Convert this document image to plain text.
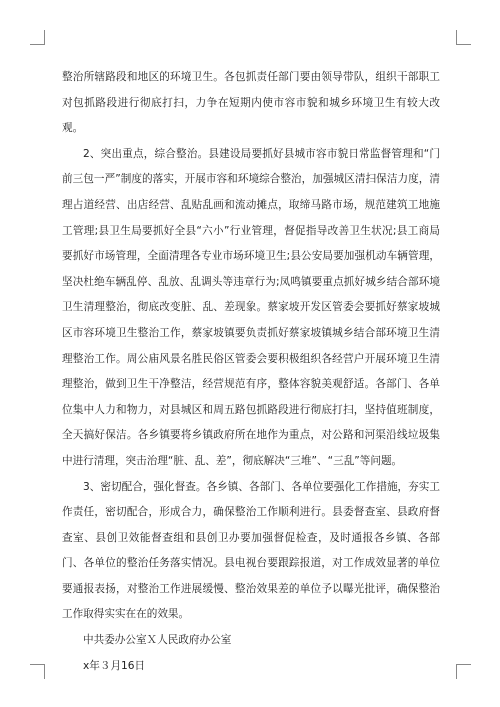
整治所辖路段和地区的环境卫生。各包抓责任部门要由领导带队，组织干部职工对包抓路段进行彻底打扫，力争在短期内使市容市貌和城乡环境卫生有较大改观。

2、突出重点，综合整治。县建设局要抓好县城市容市貌日常监督管理和“门前三包一严”制度的落实，开展市容和环境综合整治，加强城区清扫保洁力度，清理占道经营、出店经营、乱贴乱画和流动摊点，取缔马路市场，规范建筑工地施工管理;县卫生局要抓好全县“六小”行业管理，督促指导改善卫生状况;县工商局要抓好市场管理，全面清理各专业市场环境卫生;县公安局要加强机动车辆管理，坚决杜绝车辆乱停、乱放、乱调头等违章行为;凤鸣镇要重点抓好城乡结合部环境卫生清理整治，彻底改变脏、乱、差现象。蔡家坡开发区管委会要抓好蔡家坡城区市容环境卫生整治工作，蔡家坡镇要负责抓好蔡家坡镇城乡结合部环境卫生清理整治工作。周公庙风景名胜民俗区管委会要积极组织各经营户开展环境卫生清理整治，做到卫生干净整洁，经营规范有序，整体容貌美观舒适。各部门、各单位集中人力和物力，对县城区和周五路包抓路段进行彻底打扫，坚持值班制度，全天搞好保洁。各乡镇要将乡镇政府所在地作为重点，对公路和河渠沿线垃圾集中进行清理，突击治理“脏、乱、差”，彻底解决“三堆”、“三乱”等问题。

3、密切配合，强化督查。各乡镇、各部门、各单位要强化工作措施，夯实工作责任，密切配合，形成合力，确保整治工作顺利进行。县委督查室、县政府督查室、县创卫效能督查组和县创卫办要加强督促检查，及时通报各乡镇、各部门、各单位的整治任务落实情况。县电视台要跟踪报道，对工作成效显著的单位要通报表扬，对整治工作进展缓慢、整治效果差的单位予以曝光批评，确保整治工作取得实实在在的效果。

中共委办公室Ｘ人民政府办公室

x年３月16日
